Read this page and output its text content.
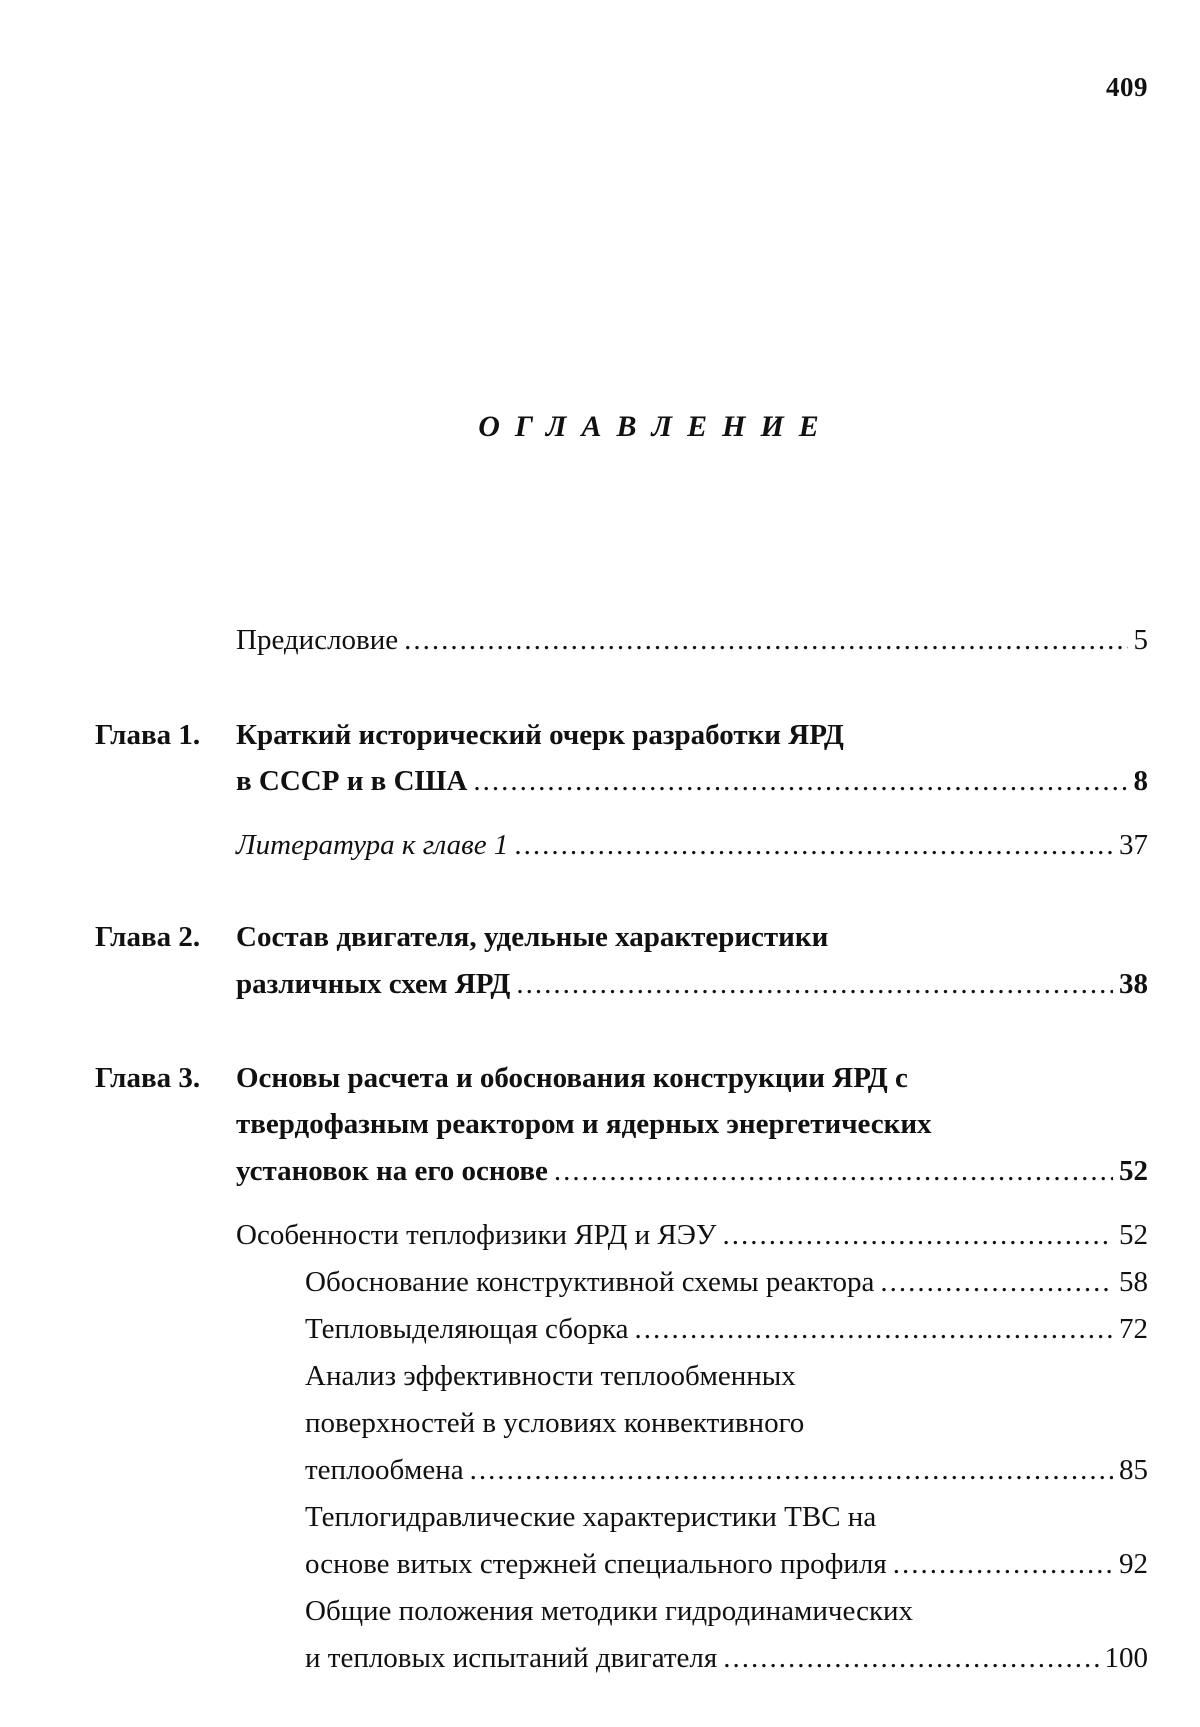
409
ОГЛАВЛЕНИЕ
Предисловие .....	5
Глава 1. Краткий исторический очерк разработки ЯРД
в СССР и в США .....	8
Литература к главе 1 .....	37
Глава 2. Состав двигателя, удельные характеристики
различных схем ЯРД .....	38
Глава 3. Основы расчета и обоснования конструкции ЯРД с
твердофазным реактором и ядерных энергетических
установок на его основе .....	52
Особенности теплофизики ЯРД и ЯЭУ .....	52
Обоснование конструктивной схемы реактора .....	58
Тепловыделяющая сборка .....	72
Анализ эффективности теплообменных
поверхностей в условиях конвективного
теплообмена .....	85
Теплогидравлические характеристики ТВС на
основе витых стержней специального профиля .....	92
Общие положения методики гидродинамических
и тепловых испытаний двигателя .....	100
